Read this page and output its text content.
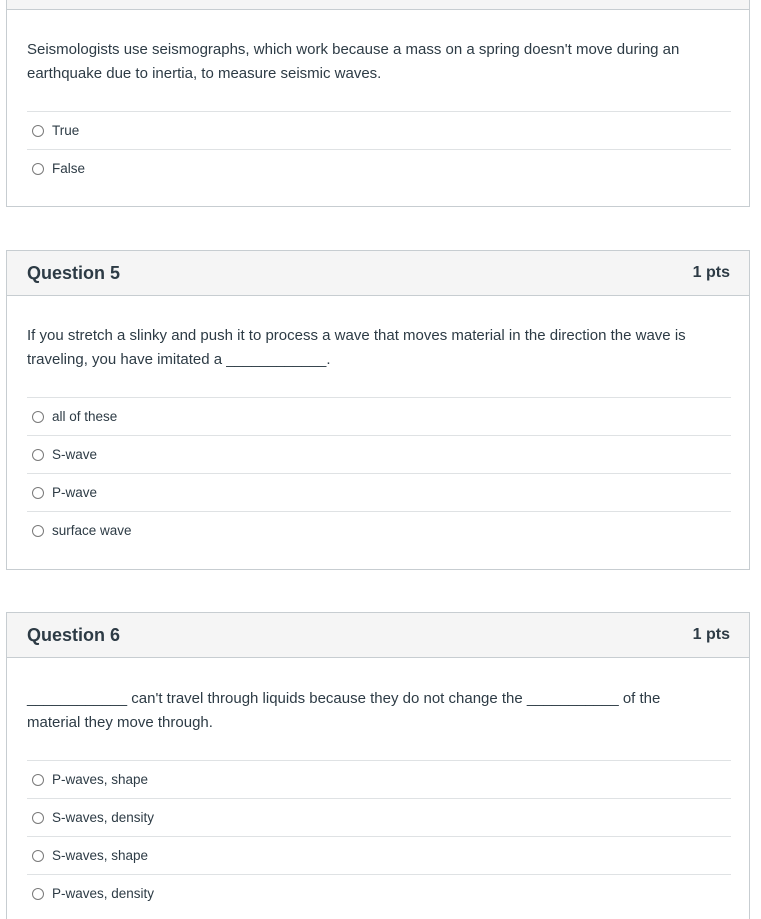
Seismologists use seismographs, which work because a mass on a spring doesn't move during an earthquake due to inertia, to measure seismic waves.
True
False
Question 5	1 pts
If you stretch a slinky and push it to process a wave that moves material in the direction the wave is traveling, you have imitated a ____________.
all of these
S-wave
P-wave
surface wave
Question 6	1 pts
____________ can't travel through liquids because they do not change the ___________ of the material they move through.
P-waves, shape
S-waves, density
S-waves, shape
P-waves, density
